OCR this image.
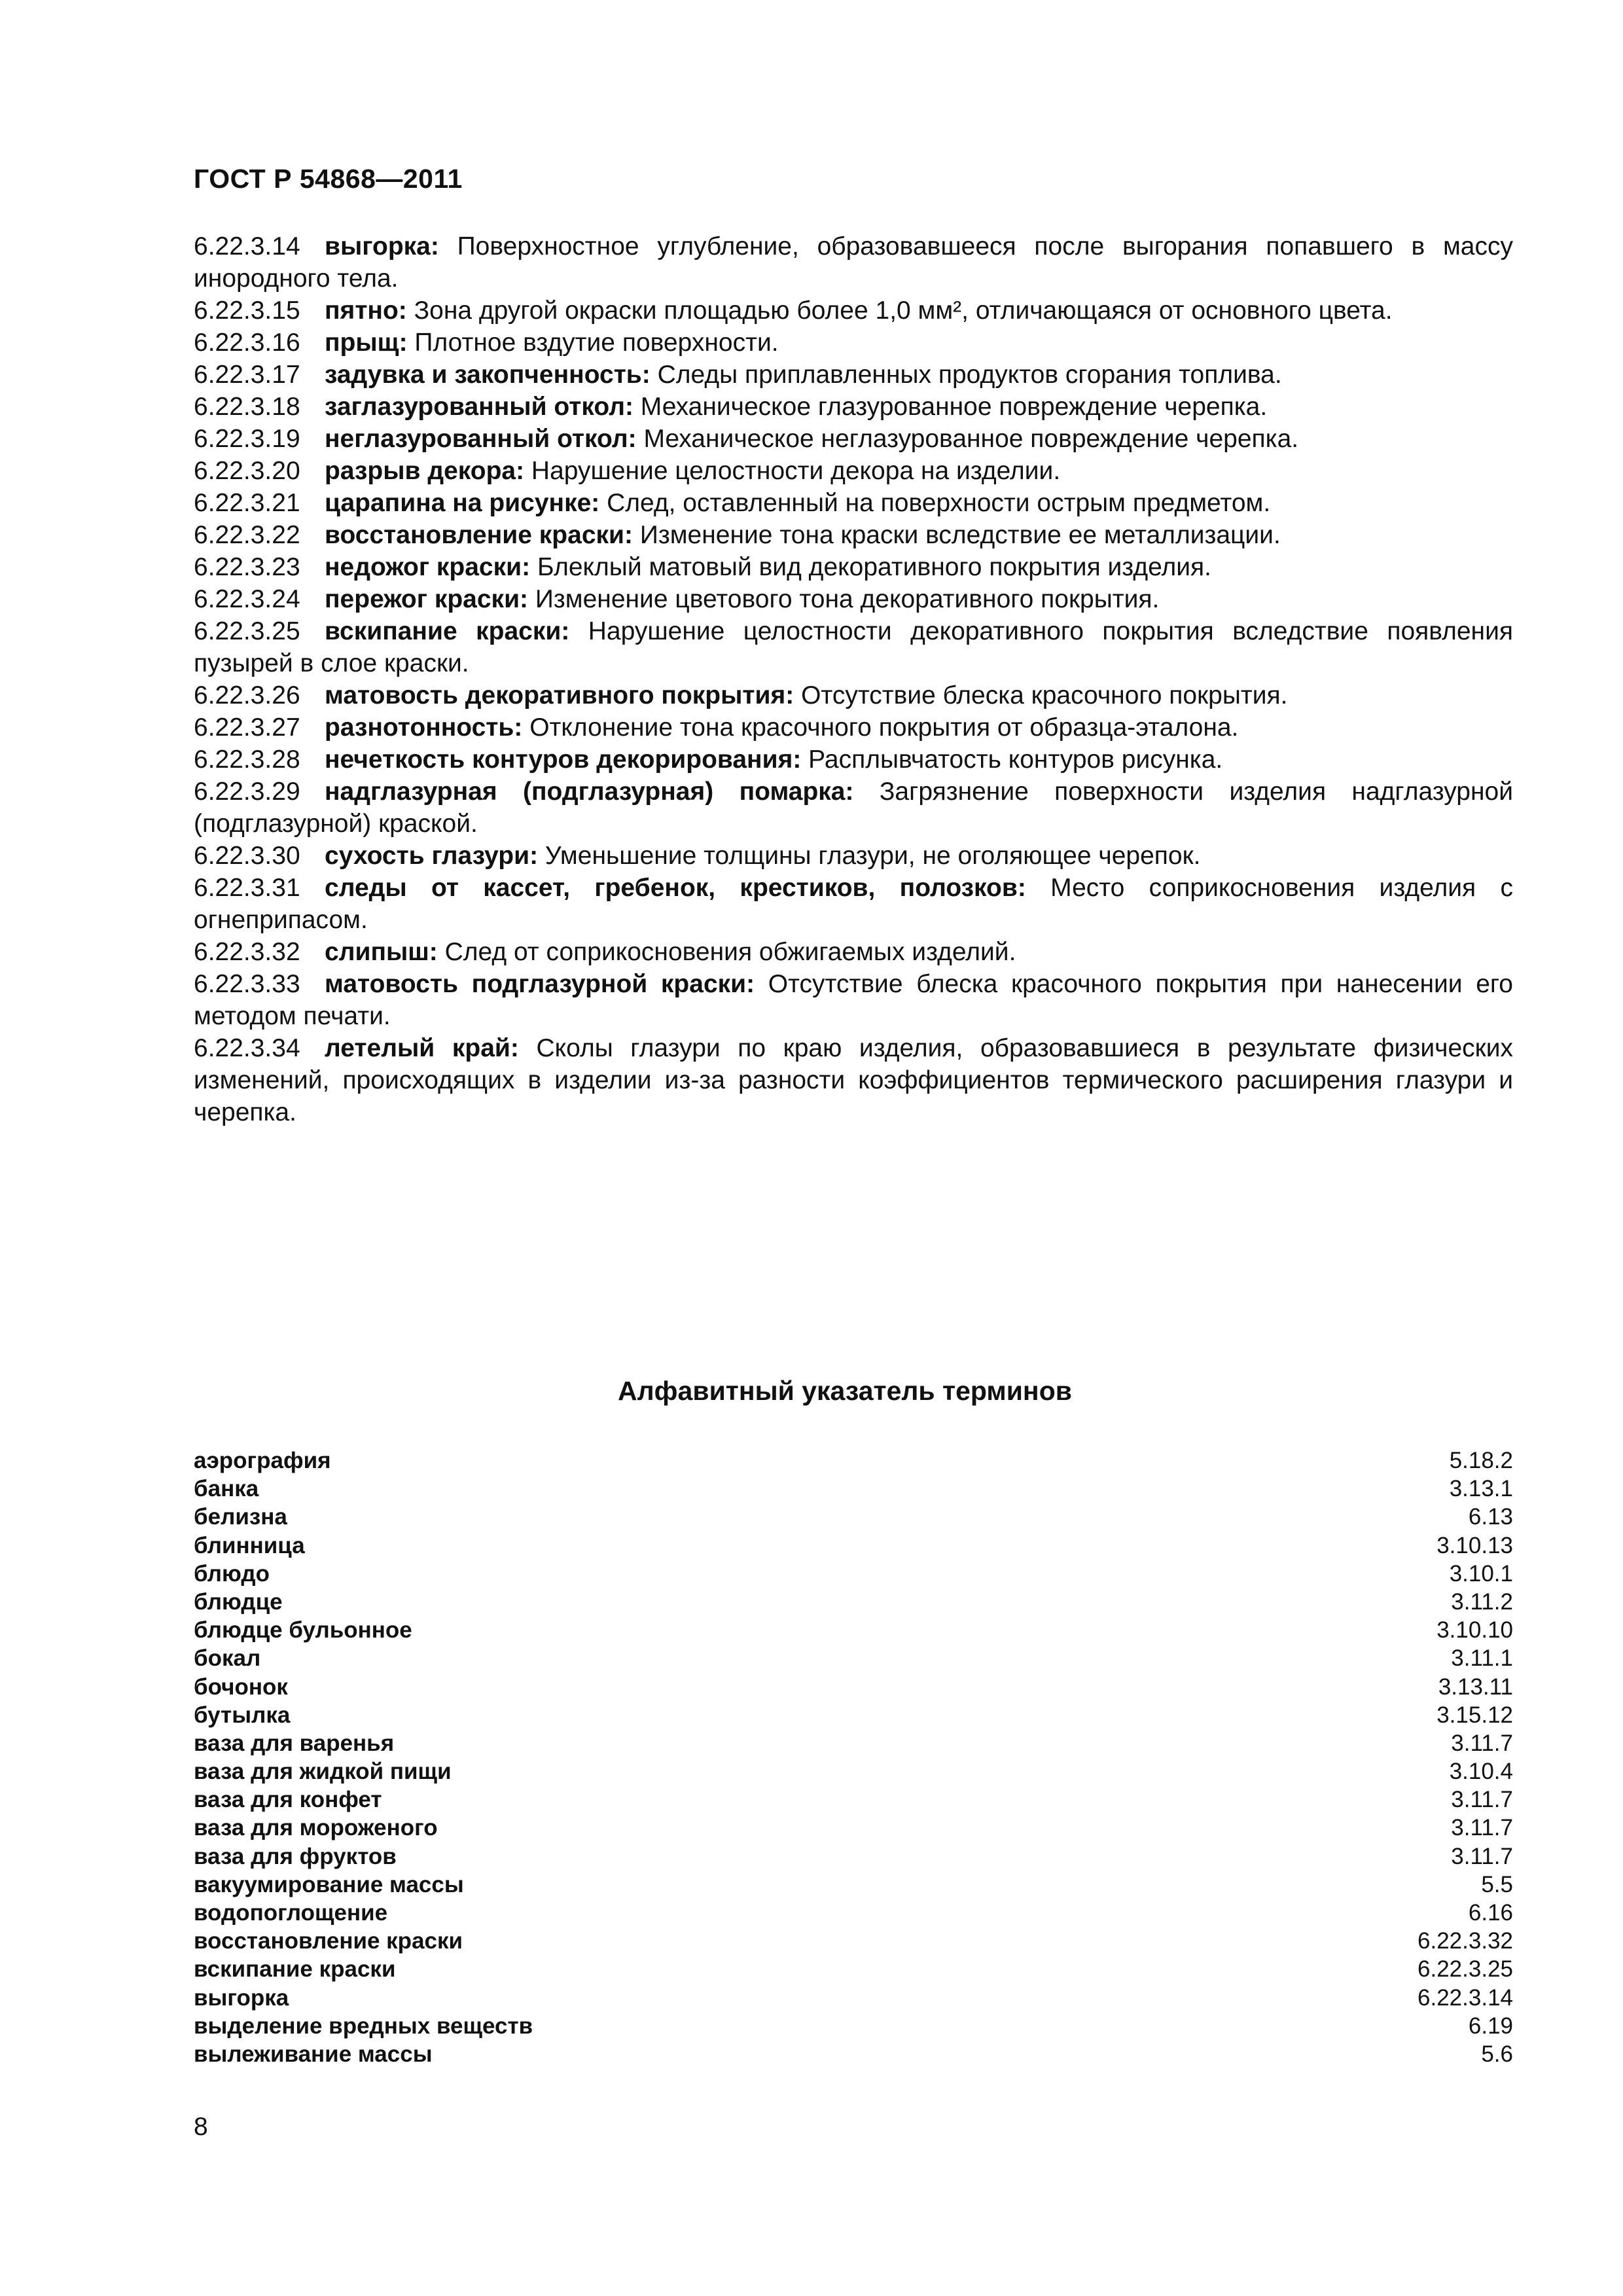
ГОСТ Р 54868—2011

6.22.3.14 выгорка: Поверхностное углубление, образовавшееся после выгорания попавшего в массу инородного тела.

6.22.3.15 пятно: Зона другой окраски площадью более 1,0 мм², отличающаяся от основного цвета.

6.22.3.16 прыщ: Плотное вздутие поверхности.

6.22.3.17 задувка и закопченность: Следы приплавленных продуктов сгорания топлива.

6.22.3.18 заглазурованный откол: Механическое глазурованное повреждение черепка.

6.22.3.19 неглазурованный откол: Механическое неглазурованное повреждение черепка.

6.22.3.20 разрыв декора: Нарушение целостности декора на изделии.

6.22.3.21 царапина на рисунке: След, оставленный на поверхности острым предметом.

6.22.3.22 восстановление краски: Изменение тона краски вследствие ее металлизации.

6.22.3.23 недожог краски: Блеклый матовый вид декоративного покрытия изделия.

6.22.3.24 пережог краски: Изменение цветового тона декоративного покрытия.

6.22.3.25 вскипание краски: Нарушение целостности декоративного покрытия вследствие появления пузырей в слое краски.

6.22.3.26 матовость декоративного покрытия: Отсутствие блеска красочного покрытия.

6.22.3.27 разнотонность: Отклонение тона красочного покрытия от образца-эталона.

6.22.3.28 нечеткость контуров декорирования: Расплывчатость контуров рисунка.

6.22.3.29 надглазурная (подглазурная) помарка: Загрязнение поверхности изделия надглазурной (подглазурной) краской.

6.22.3.30 сухость глазури: Уменьшение толщины глазури, не оголяющее черепок.

6.22.3.31 следы от кассет, гребенок, крестиков, полозков: Место соприкосновения изделия с огнеприпасом.

6.22.3.32 слипыш: След от соприкосновения обжигаемых изделий.

6.22.3.33 матовость подглазурной краски: Отсутствие блеска красочного покрытия при нанесении его методом печати.

6.22.3.34 летелый край: Сколы глазури по краю изделия, образовавшиеся в результате физических изменений, происходящих в изделии из-за разности коэффициентов термического расширения глазури и черепка.

Алфавитный указатель терминов
аэрография	5.18.2
банка	3.13.1
белизна	6.13
блинница	3.10.13
блюдо	3.10.1
блюдце	3.11.2
блюдце бульонное	3.10.10
бокал	3.11.1
бочонок	3.13.11
бутылка	3.15.12
ваза для варенья	3.11.7
ваза для жидкой пищи	3.10.4
ваза для конфет	3.11.7
ваза для мороженого	3.11.7
ваза для фруктов	3.11.7
вакуумирование массы	5.5
водопоглощение	6.16
восстановление краски	6.22.3.32
вскипание краски	6.22.3.25
выгорка	6.22.3.14
выделение вредных веществ	6.19
вылеживание массы	5.6
8
